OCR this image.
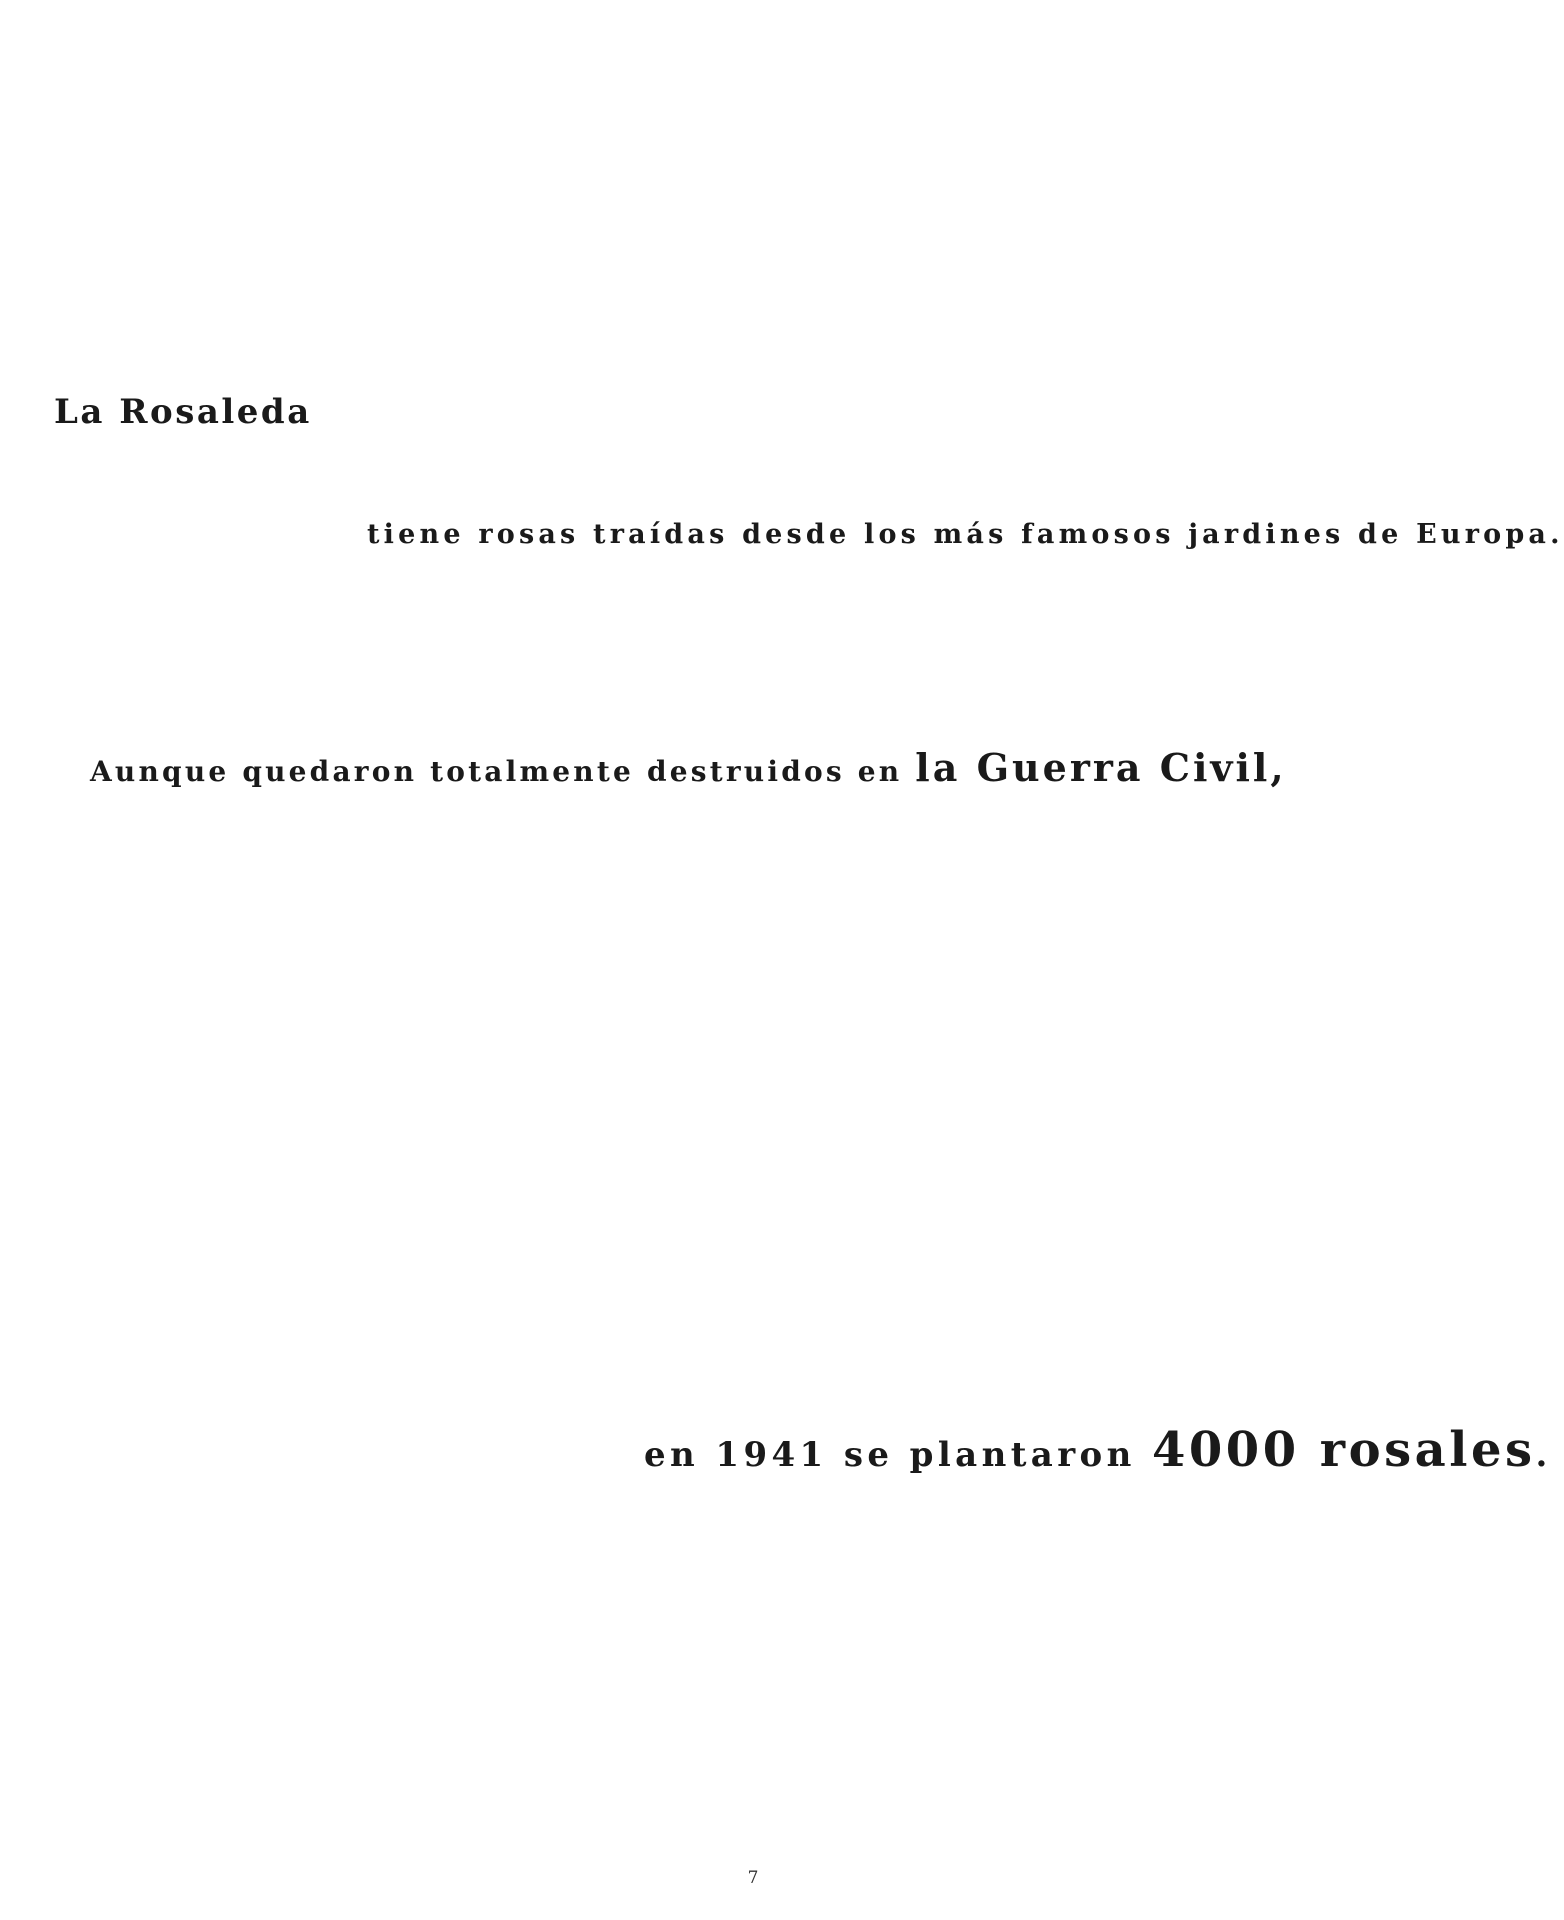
La Rosaleda
tiene rosas traídas desde los más famosos jardines de Europa.
Aunque quedaron totalmente destruidos en la Guerra Civil,
en 1941 se plantaron 4000 rosales.
7
